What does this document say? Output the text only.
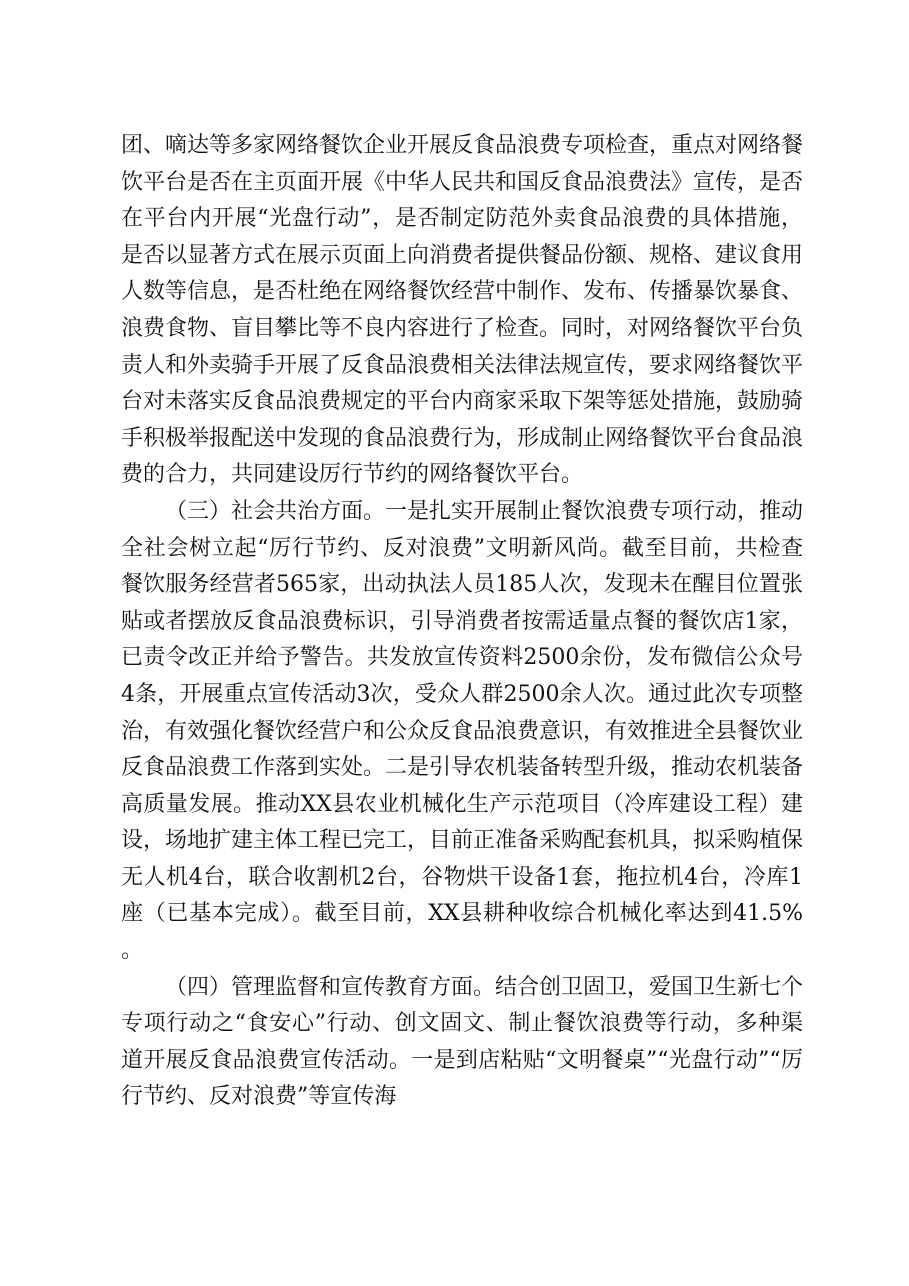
团、嘀达等多家网络餐饮企业开展反食品浪费专项检查，重点对网络餐饮平台是否在主页面开展《中华人民共和国反食品浪费法》宣传，是否在平台内开展“光盘行动”，是否制定防范外卖食品浪费的具体措施，是否以显著方式在展示页面上向消费者提供餐品份额、规格、建议食用人数等信息，是否杜绝在网络餐饮经营中制作、发布、传播暴饮暴食、浪费食物、盲目攀比等不良内容进行了检查。同时，对网络餐饮平台负责人和外卖骑手开展了反食品浪费相关法律法规宣传，要求网络餐饮平台对未落实反食品浪费规定的平台内商家采取下架等惩处措施，鼓励骑手积极举报配送中发现的食品浪费行为，形成制止网络餐饮平台食品浪费的合力，共同建设厉行节约的网络餐饮平台。

（三）社会共治方面。一是扎实开展制止餐饮浪费专项行动，推动全社会树立起“厉行节约、反对浪费”文明新风尚。截至目前，共检查餐饮服务经营者565家，出动执法人员185人次，发现未在醒目位置张贴或者摆放反食品浪费标识，引导消费者按需适量点餐的餐饮店1家，已责令改正并给予警告。共发放宣传资料2500余份，发布微信公众号4条，开展重点宣传活动3次，受众人群2500余人次。通过此次专项整治，有效强化餐饮经营户和公众反食品浪费意识，有效推进全县餐饮业反食品浪费工作落到实处。二是引导农机装备转型升级，推动农机装备高质量发展。推动XX县农业机械化生产示范项目（冷库建设工程）建设，场地扩建主体工程已完工，目前正准备采购配套机具，拟采购植保无人机4台，联合收割机2台，谷物烘干设备1套，拖拉机4台，冷库1座（已基本完成）。截至目前，XX县耕种收综合机械化率达到41.5%。

（四）管理监督和宣传教育方面。结合创卫固卫，爱国卫生新七个专项行动之“食安心”行动、创文固文、制止餐饮浪费等行动，多种渠道开展反食品浪费宣传活动。一是到店粘贴“文明餐桌”“光盘行动”“厉行节约、反对浪费”等宣传海
